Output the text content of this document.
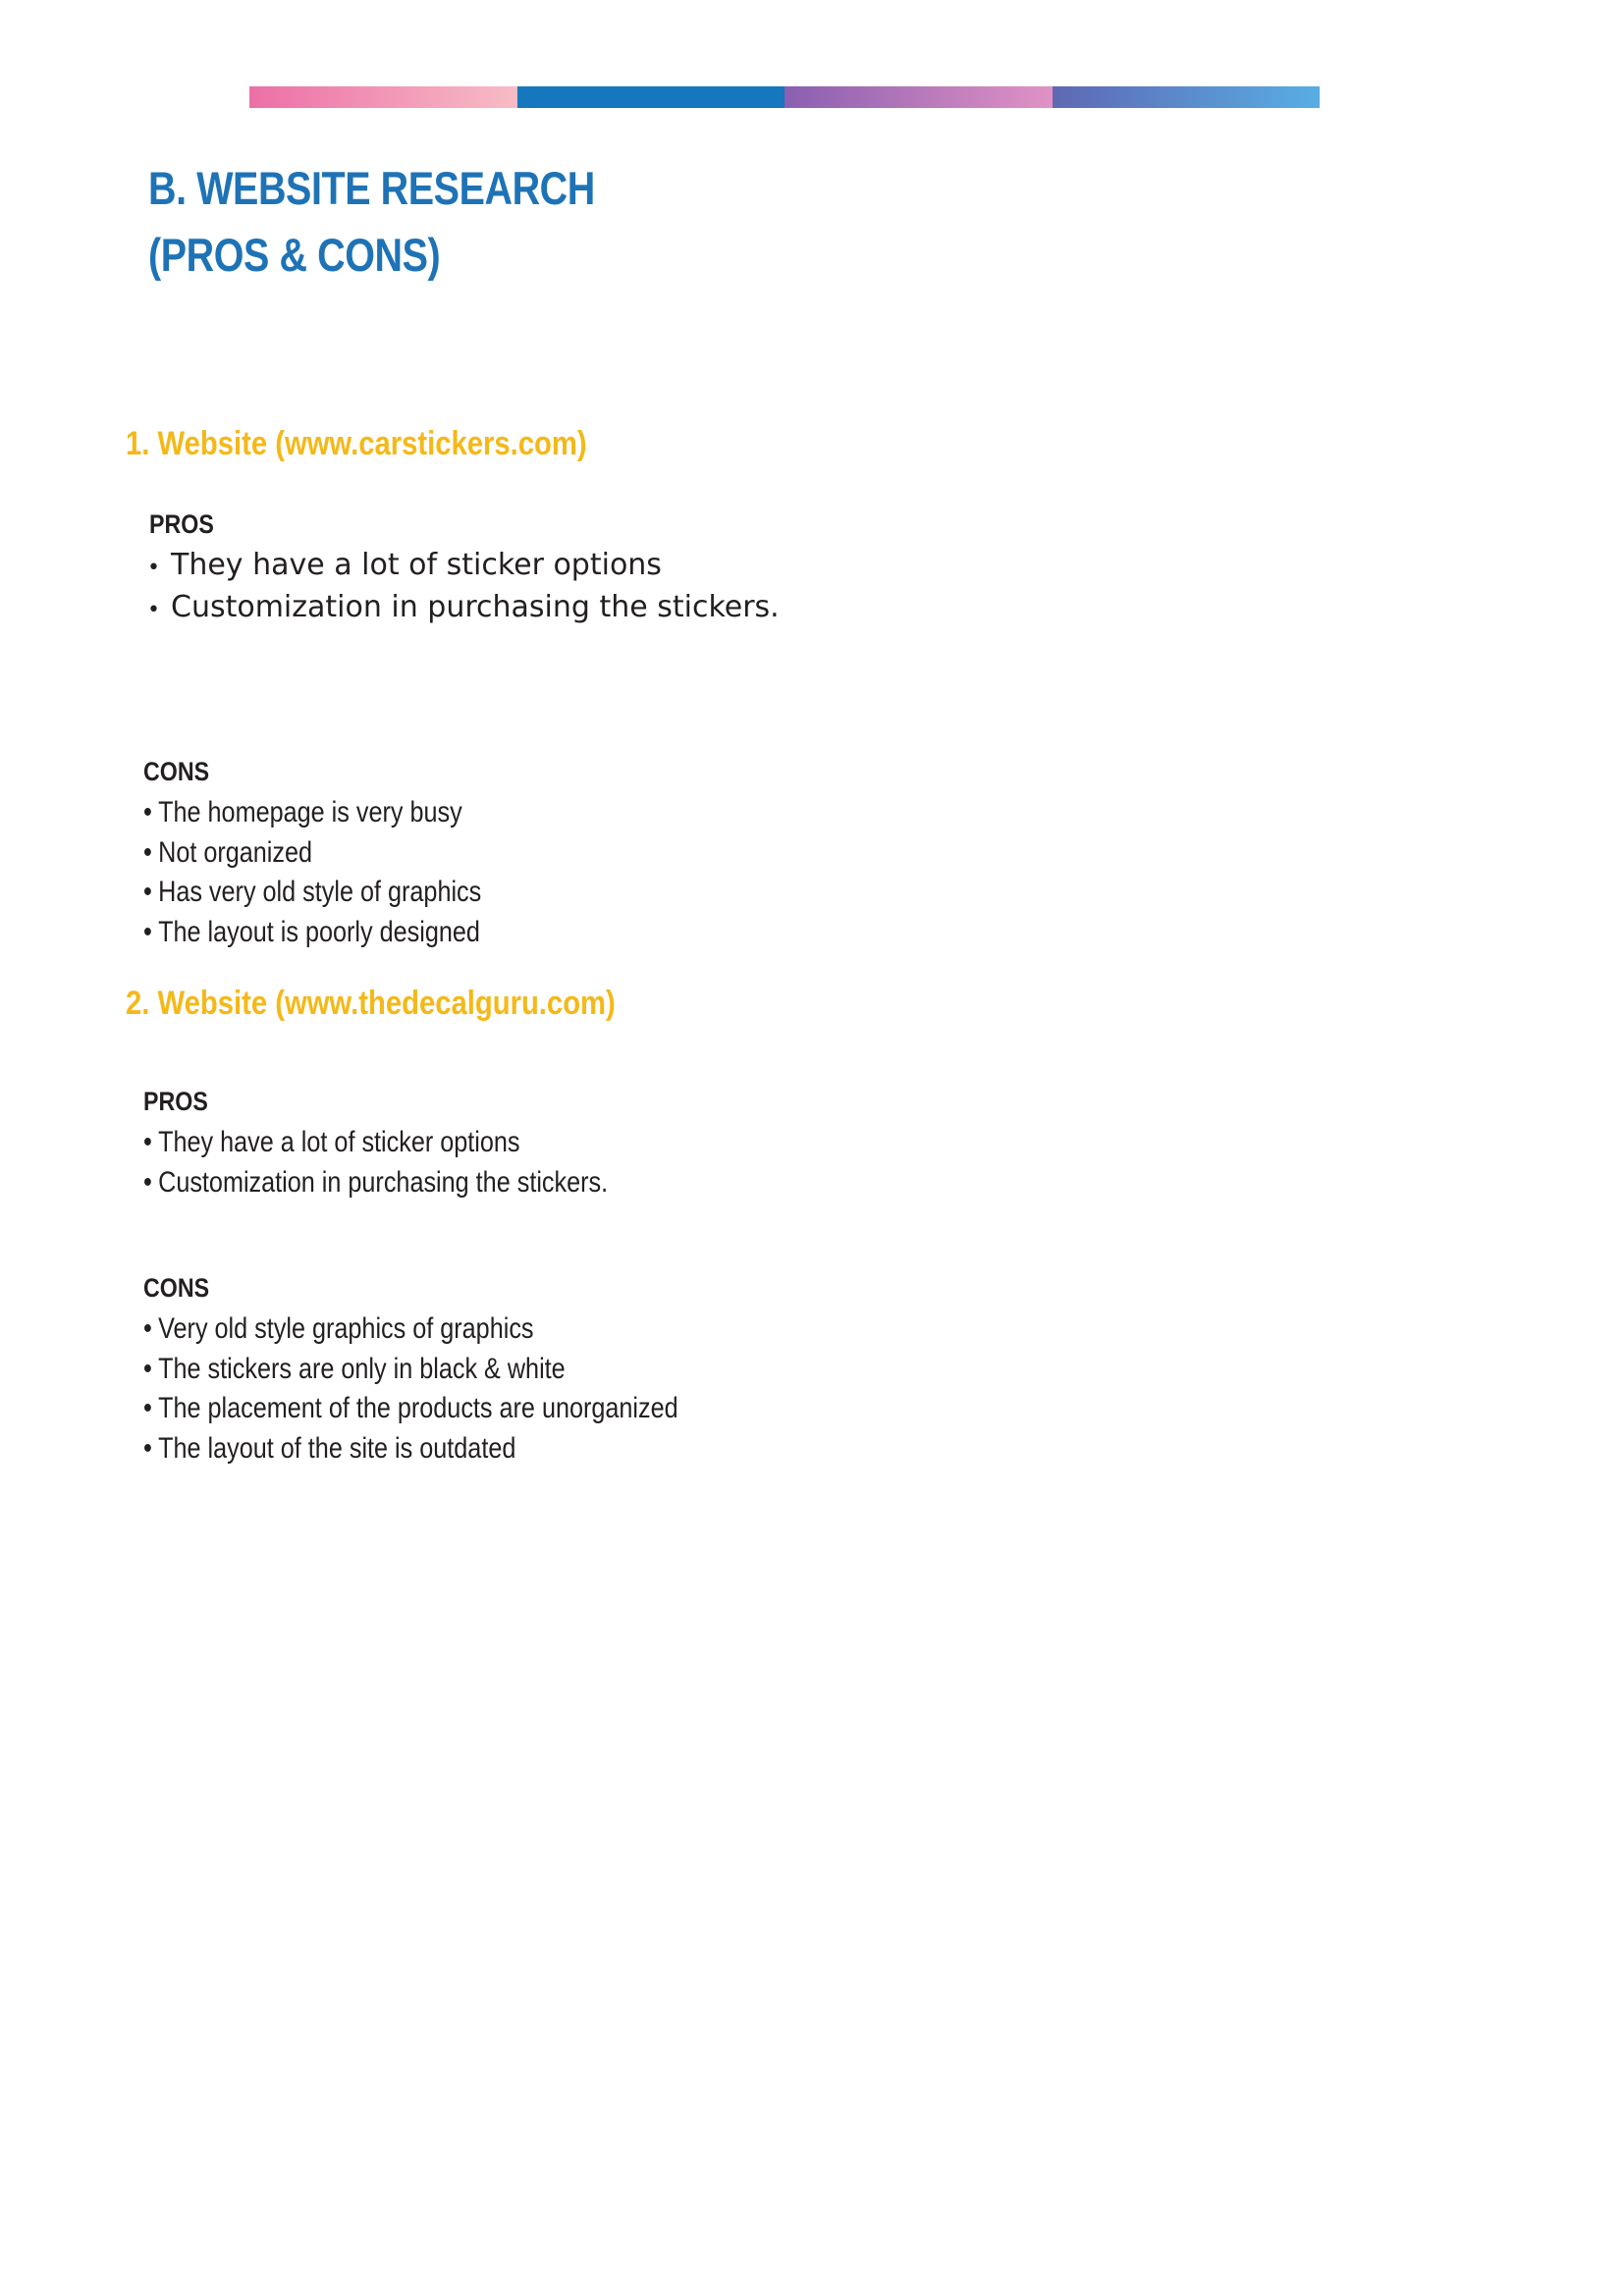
B. WEBSITE RESEARCH
(PROS & CONS)
1. Website (www.carstickers.com)
PROS
• They have a lot of sticker options
• Customization in purchasing the stickers.
CONS
• The homepage is very busy
• Not organized
• Has very old style of graphics
• The layout is poorly designed
2. Website (www.thedecalguru.com)
PROS
• They have a lot of sticker options
• Customization in purchasing the stickers.
CONS
• Very old style graphics of graphics
• The stickers are only in black & white
• The placement of the products are unorganized
• The layout of the site is outdated
